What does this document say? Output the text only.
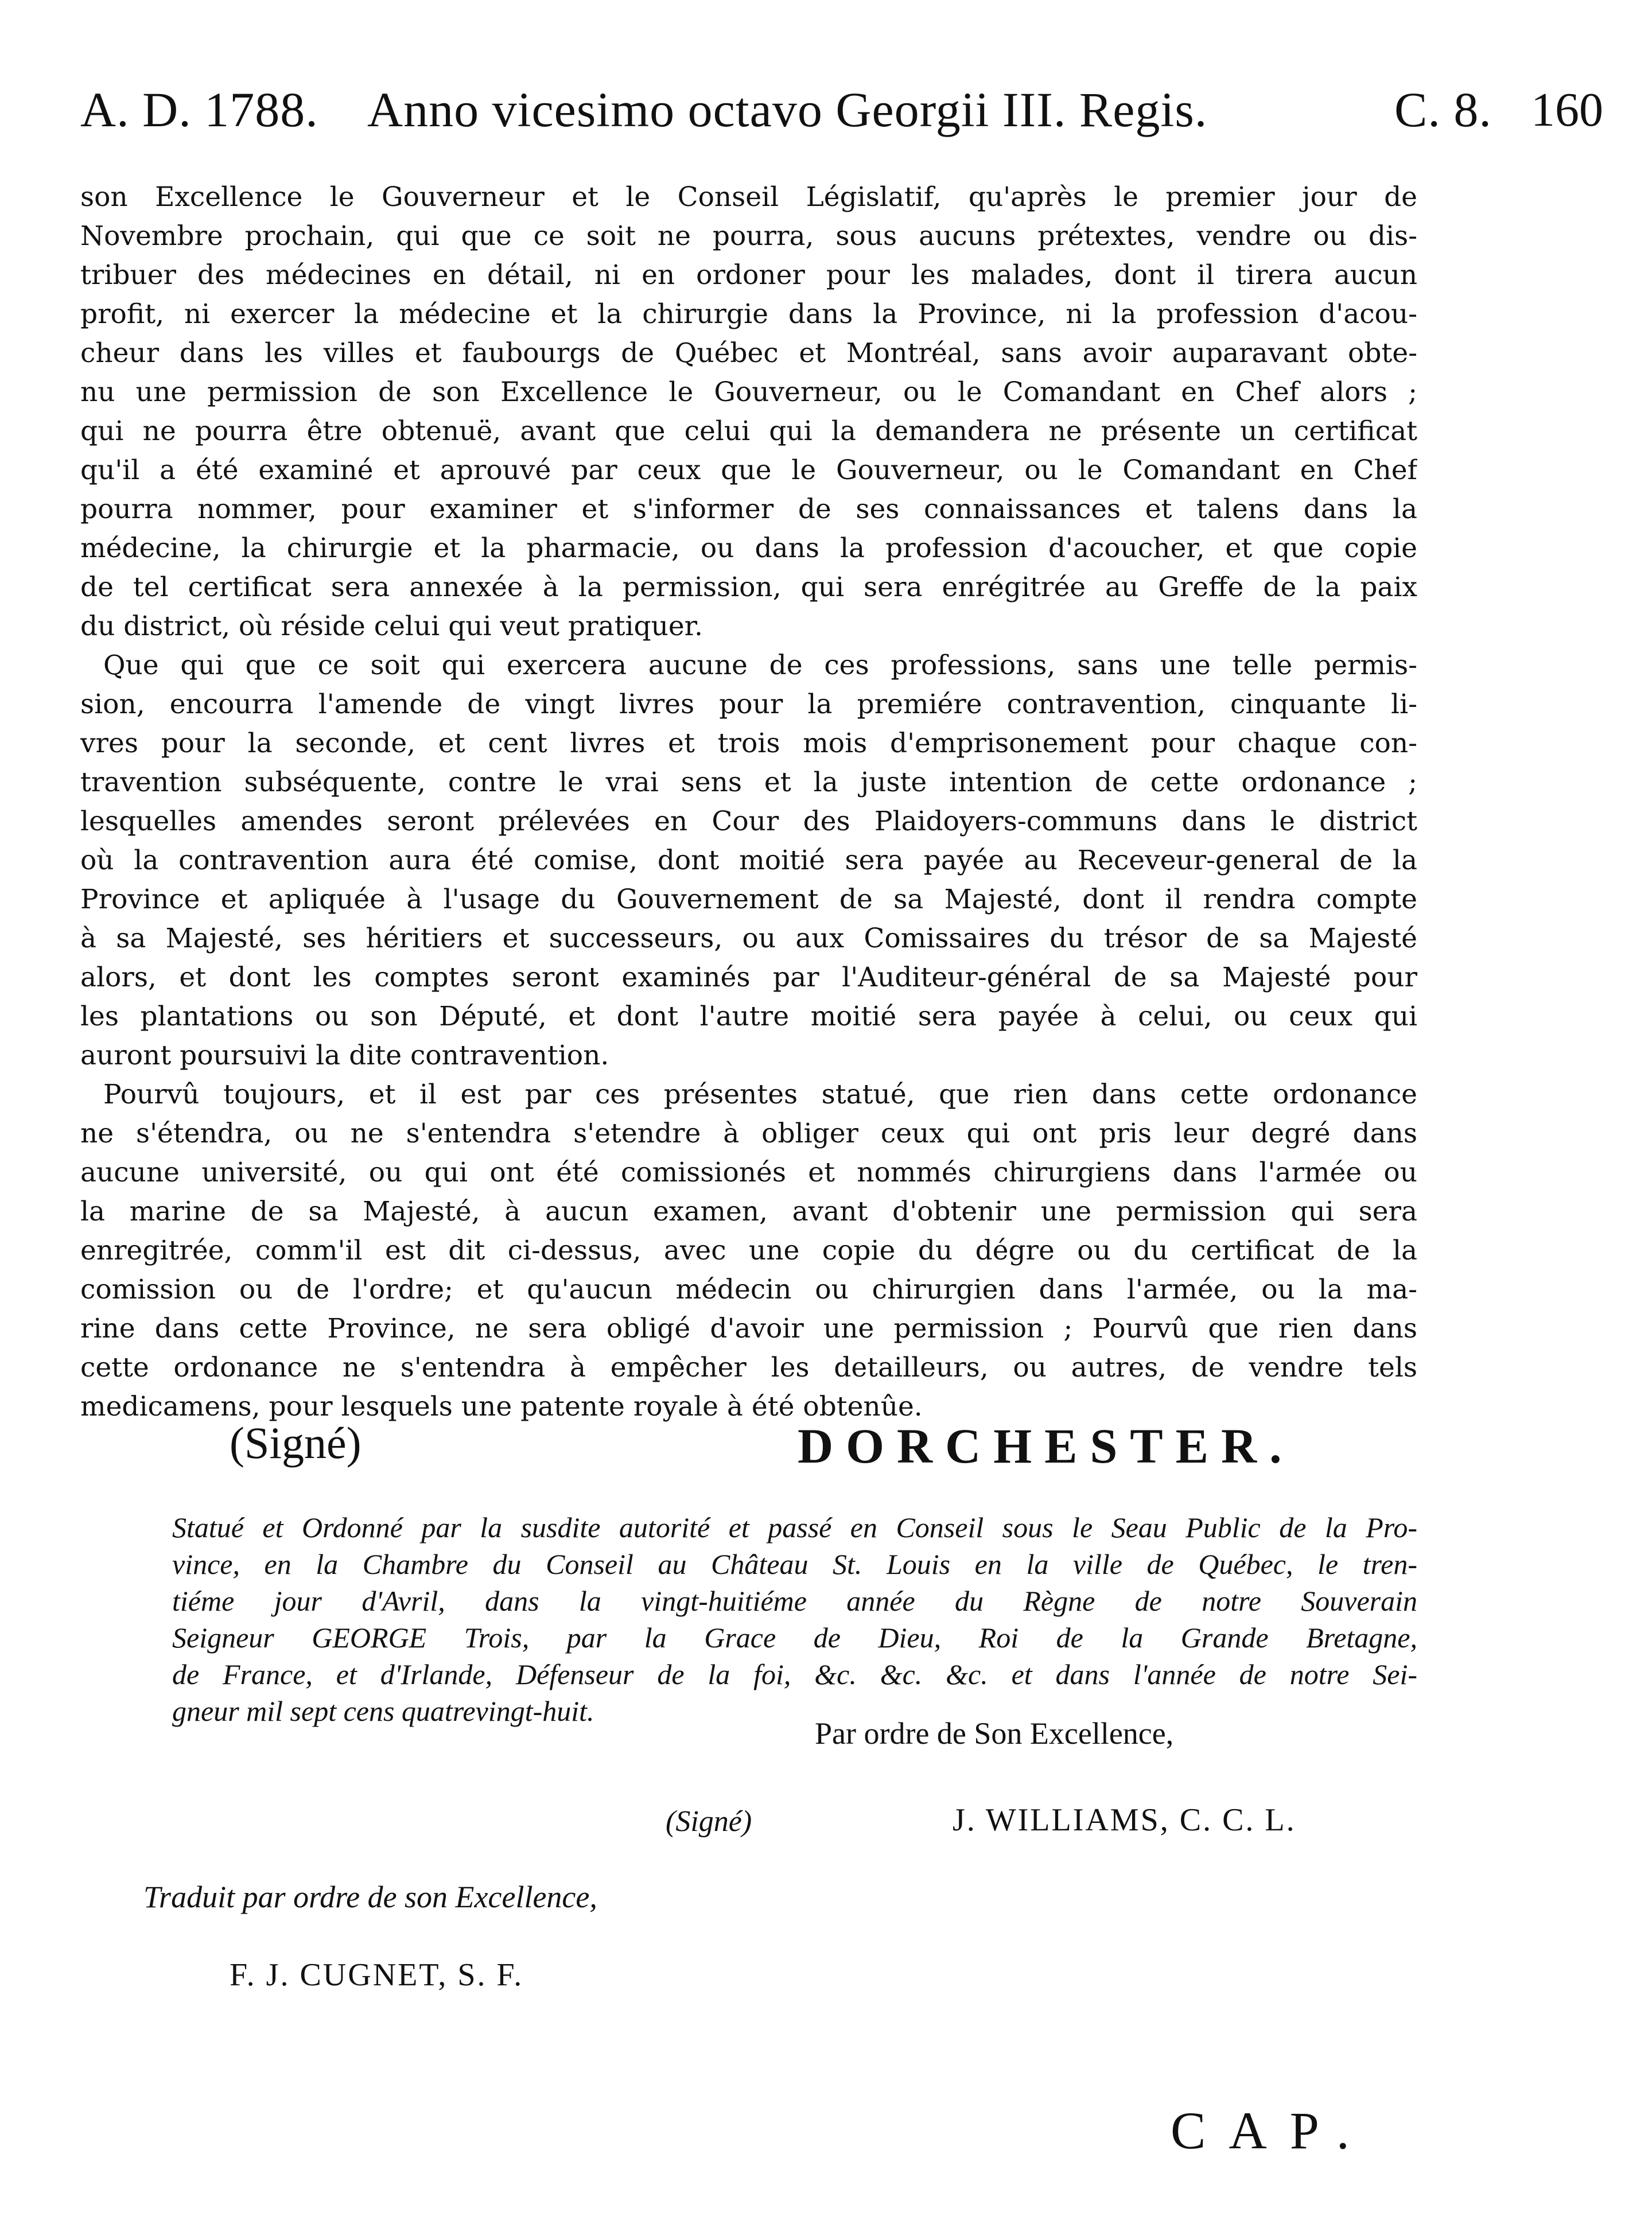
A. D. 1788. Anno vicesimo octavo Georgii III. Regis.	C. 8. 160
son Excellence le Gouverneur et le Conseil Législatif, qu'après le premier jour de
Novembre prochain, qui que ce soit ne pourra, sous aucuns prétextes, vendre ou dis-
tribuer des médecines en détail, ni en ordoner pour les malades, dont il tirera aucun
profit, ni exercer la médecine et la chirurgie dans la Province, ni la profession d'acou-
cheur dans les villes et faubourgs de Québec et Montréal, sans avoir auparavant obte-
nu une permission de son Excellence le Gouverneur, ou le Comandant en Chef alors ;
qui ne pourra être obtenuë, avant que celui qui la demandera ne présente un certificat
qu'il a été examiné et aprouvé par ceux que le Gouverneur, ou le Comandant en Chef
pourra nommer, pour examiner et s'informer de ses connaissances et talens dans la
médecine, la chirurgie et la pharmacie, ou dans la profession d'acoucher, et que copie
de tel certificat sera annexée à la permission, qui sera enrégitrée au Greffe de la paix
du district, où réside celui qui veut pratiquer.
Que qui que ce soit qui exercera aucune de ces professions, sans une telle permis-
sion, encourra l'amende de vingt livres pour la premiére contravention, cinquante li-
vres pour la seconde, et cent livres et trois mois d'emprisonement pour chaque con-
travention subséquente, contre le vrai sens et la juste intention de cette ordonance ;
lesquelles amendes seront prélevées en Cour des Plaidoyers-communs dans le district
où la contravention aura été comise, dont moitié sera payée au Receveur-general de la
Province et apliquée à l'usage du Gouvernement de sa Majesté, dont il rendra compte
à sa Majesté, ses héritiers et successeurs, ou aux Comissaires du trésor de sa Majesté
alors, et dont les comptes seront examinés par l'Auditeur-général de sa Majesté pour
les plantations ou son Député, et dont l'autre moitié sera payée à celui, ou ceux qui
auront poursuivi la dite contravention.
Pourvû toujours, et il est par ces présentes statué, que rien dans cette ordonance
ne s'étendra, ou ne s'entendra s'etendre à obliger ceux qui ont pris leur degré dans
aucune université, ou qui ont été comissionés et nommés chirurgiens dans l'armée ou
la marine de sa Majesté, à aucun examen, avant d'obtenir une permission qui sera
enregitrée, comm'il est dit ci-dessus, avec une copie du dégre ou du certificat de la
comission ou de l'ordre; et qu'aucun médecin ou chirurgien dans l'armée, ou la ma-
rine dans cette Province, ne sera obligé d'avoir une permission ; Pourvû que rien dans
cette ordonance ne s'entendra à empêcher les detailleurs, ou autres, de vendre tels
medicamens, pour lesquels une patente royale à été obtenûe.
(Signé)	DORCHESTER.
Statué et Ordonné par la susdite autorité et passé en Conseil sous le Seau Public de la Pro-
vince, en la Chambre du Conseil au Château St. Louis en la ville de Québec, le tren-
tiéme jour d'Avril, dans la vingt-huitiéme année du Règne de notre Souverain
Seigneur GEORGE Trois, par la Grace de Dieu, Roi de la Grande Bretagne,
de France, et d'Irlande, Défenseur de la foi, &c. &c. &c. et dans l'année de notre Sei-
gneur mil sept cens quatrevingt-huit.
Par ordre de Son Excellence,
(Signé)	J. WILLIAMS, C. C. L.
Traduit par ordre de son Excellence,
F. J. CUGNET, S. F.
CAP.
